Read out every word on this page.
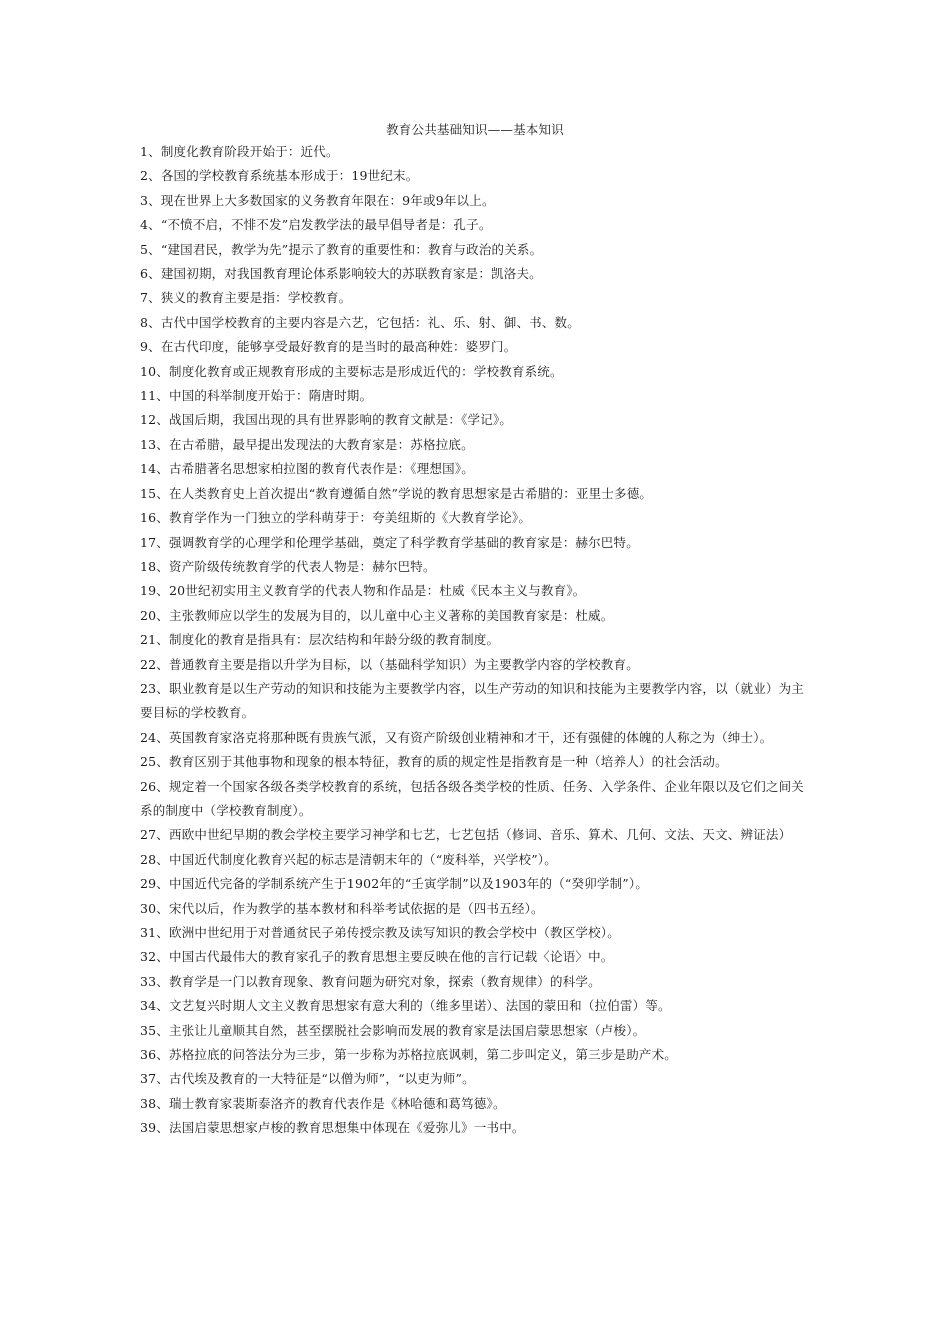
教育公共基础知识——基本知识
1、制度化教育阶段开始于：近代。
2、各国的学校教育系统基本形成于：19世纪末。
3、现在世界上大多数国家的义务教育年限在：9年或9年以上。
4、“不愤不启，不悱不发”启发教学法的最早倡导者是：孔子。
5、“建国君民，教学为先”提示了教育的重要性和：教育与政治的关系。
6、建国初期，对我国教育理论体系影响较大的苏联教育家是：凯洛夫。
7、狭义的教育主要是指：学校教育。
8、古代中国学校教育的主要内容是六艺，它包括：礼、乐、射、御、书、数。
9、在古代印度，能够享受最好教育的是当时的最高种姓：婆罗门。
10、制度化教育或正规教育形成的主要标志是形成近代的：学校教育系统。
11、中国的科举制度开始于：隋唐时期。
12、战国后期，我国出现的具有世界影响的教育文献是：《学记》。
13、在古希腊，最早提出发现法的大教育家是：苏格拉底。
14、古希腊著名思想家柏拉图的教育代表作是：《理想国》。
15、在人类教育史上首次提出“教育遵循自然”学说的教育思想家是古希腊的：亚里士多德。
16、教育学作为一门独立的学科萌芽于：夸美纽斯的《大教育学论》。
17、强调教育学的心理学和伦理学基础，奠定了科学教育学基础的教育家是：赫尔巴特。
18、资产阶级传统教育学的代表人物是：赫尔巴特。
19、20世纪初实用主义教育学的代表人物和作品是：杜威《民本主义与教育》。
20、主张教师应以学生的发展为目的，以儿童中心主义著称的美国教育家是：杜威。
21、制度化的教育是指具有：层次结构和年龄分级的教育制度。
22、普通教育主要是指以升学为目标，以（基础科学知识）为主要教学内容的学校教育。
23、职业教育是以生产劳动的知识和技能为主要教学内容，以生产劳动的知识和技能为主要教学内容，以（就业）为主要目标的学校教育。
24、英国教育家洛克将那种既有贵族气派，又有资产阶级创业精神和才干，还有强健的体魄的人称之为（绅士）。
25、教育区别于其他事物和现象的根本特征，教育的质的规定性是指教育是一种（培养人）的社会活动。
26、规定着一个国家各级各类学校教育的系统，包括各级各类学校的性质、任务、入学条件、企业年限以及它们之间关系的制度中（学校教育制度）。
27、西欧中世纪早期的教会学校主要学习神学和七艺，七艺包括（修词、音乐、算术、几何、文法、天文、辨证法）
28、中国近代制度化教育兴起的标志是清朝末年的（“废科举，兴学校”）。
29、中国近代完备的学制系统产生于1902年的“壬寅学制”以及1903年的（“癸卯学制”）。
30、宋代以后，作为教学的基本教材和科举考试依据的是（四书五经）。
31、欧洲中世纪用于对普通贫民子弟传授宗教及读写知识的教会学校中（教区学校）。
32、中国古代最伟大的教育家孔子的教育思想主要反映在他的言行记载〈论语〉中。
33、教育学是一门以教育现象、教育问题为研究对象，探索（教育规律）的科学。
34、文艺复兴时期人文主义教育思想家有意大利的（维多里诺）、法国的蒙田和（拉伯雷）等。
35、主张让儿童顺其自然，甚至摆脱社会影响而发展的教育家是法国启蒙思想家（卢梭）。
36、苏格拉底的问答法分为三步，第一步称为苏格拉底讽刺，第二步叫定义，第三步是助产术。
37、古代埃及教育的一大特征是“以僧为师”，“以吏为师”。
38、瑞士教育家裴斯泰洛齐的教育代表作是《林哈德和葛笃德》。
39、法国启蒙思想家卢梭的教育思想集中体现在《爱弥儿》一书中。
